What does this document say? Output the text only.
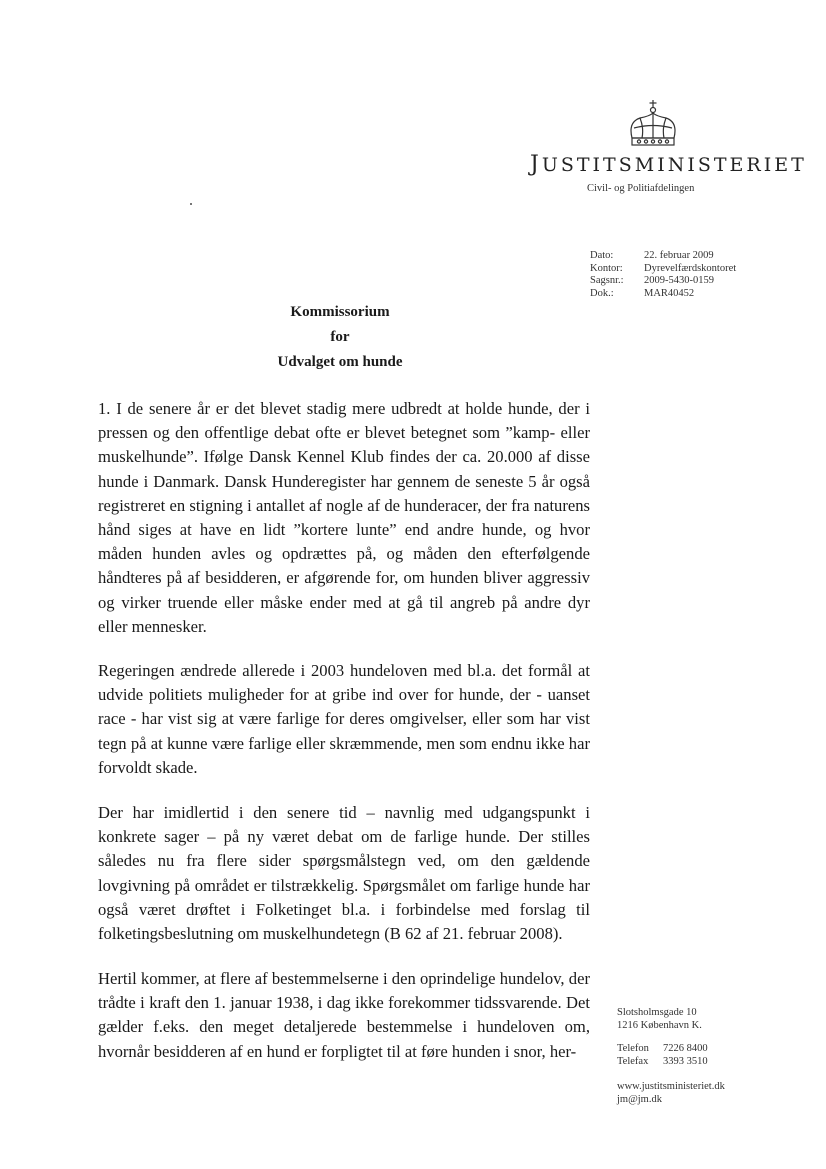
JUSTITSMINISTERIET
Civil- og Politiafdelingen
Dato:	22. februar 2009
Kontor:	Dyrevelfærdskontoret
Sagsnr.:	2009-5430-0159
Dok.:	MAR40452
Kommissorium
for
Udvalget om hunde
1. I de senere år er det blevet stadig mere udbredt at holde hunde, der i pressen og den offentlige debat ofte er blevet betegnet som ”kamp- eller muskelhunde”. Ifølge Dansk Kennel Klub findes der ca. 20.000 af disse hunde i Danmark. Dansk Hunderegister har gennem de seneste 5 år også registreret en stigning i antallet af nogle af de hunderacer, der fra naturens hånd siges at have en lidt ”kortere lunte” end andre hunde, og hvor måden hunden avles og opdrættes på, og måden den efterfølgende håndteres på af besidderen, er afgørende for, om hunden bliver aggressiv og virker truende eller måske ender med at gå til angreb på andre dyr eller mennesker.
Regeringen ændrede allerede i 2003 hundeloven med bl.a. det formål at udvide politiets muligheder for at gribe ind over for hunde, der - uanset race - har vist sig at være farlige for deres omgivelser, eller som har vist tegn på at kunne være farlige eller skræmmende, men som endnu ikke har forvoldt skade.
Der har imidlertid i den senere tid – navnlig med udgangspunkt i konkrete sager – på ny været debat om de farlige hunde. Der stilles således nu fra flere sider spørgsmålstegn ved, om den gældende lovgivning på området er tilstrækkelig. Spørgsmålet om farlige hunde har også været drøftet i Folketinget bl.a. i forbindelse med forslag til folketingsbeslutning om muskelhundetegn (B 62 af 21. februar 2008).
Hertil kommer, at flere af bestemmelserne i den oprindelige hundelov, der trådte i kraft den 1. januar 1938, i dag ikke forekommer tidssvarende. Det gælder f.eks. den meget detaljerede bestemmelse i hundeloven om, hvornår besidderen af en hund er forpligtet til at føre hunden i snor, her-
Slotsholmsgade 10
1216 København K.
Telefon	7226 8400
Telefax	3393 3510
www.justitsministeriet.dk
jm@jm.dk
